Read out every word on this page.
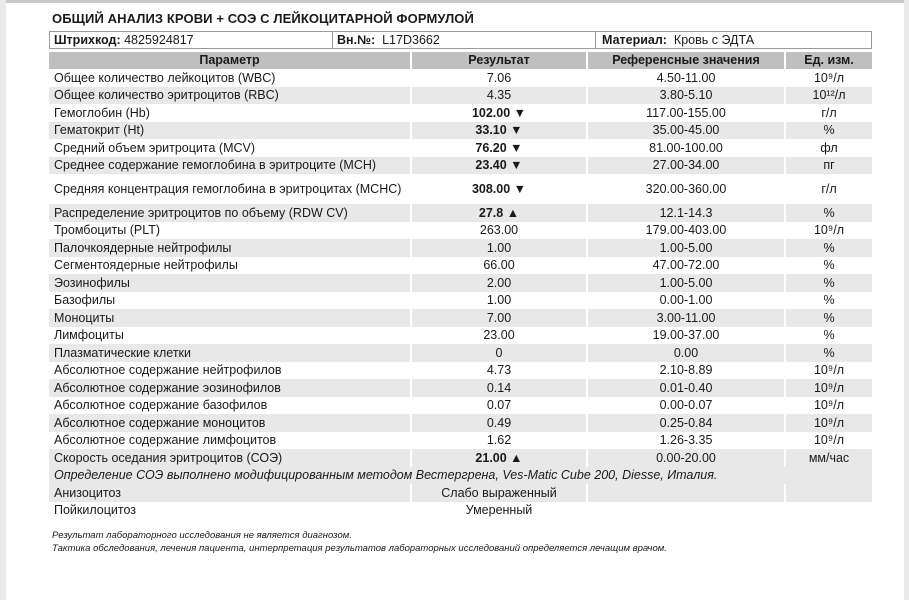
ОБЩИЙ АНАЛИЗ КРОВИ + СОЭ С ЛЕЙКОЦИТАРНОЙ ФОРМУЛОЙ
Штрихкод: 4825924817	Вн.№: L17D3662	Материал: Кровь с ЭДТА
Параметр	Результат	Референсные значения	Ед. изм.
Общее количество лейкоцитов (WBC)	7.06	4.50-11.00	10⁹/л
Общее количество эритроцитов (RBC)	4.35	3.80-5.10	10¹²/л
Гемоглобин (Hb)	102.00 ▼	117.00-155.00	г/л
Гематокрит (Ht)	33.10 ▼	35.00-45.00	%
Средний объем эритроцита (MCV)	76.20 ▼	81.00-100.00	фл
Среднее содержание гемоглобина в эритроците (МСН)	23.40 ▼	27.00-34.00	пг
Средняя концентрация гемоглобина в эритроцитах (MCHC)	308.00 ▼	320.00-360.00	г/л
Распределение эритроцитов по объему (RDW CV)	27.8 ▲	12.1-14.3	%
Тромбоциты (PLT)	263.00	179.00-403.00	10⁹/л
Палочкоядерные нейтрофилы	1.00	1.00-5.00	%
Сегментоядерные нейтрофилы	66.00	47.00-72.00	%
Эозинофилы	2.00	1.00-5.00	%
Базофилы	1.00	0.00-1.00	%
Моноциты	7.00	3.00-11.00	%
Лимфоциты	23.00	19.00-37.00	%
Плазматические клетки	0	0.00	%
Абсолютное содержание нейтрофилов	4.73	2.10-8.89	10⁹/л
Абсолютное содержание эозинофилов	0.14	0.01-0.40	10⁹/л
Абсолютное содержание базофилов	0.07	0.00-0.07	10⁹/л
Абсолютное содержание моноцитов	0.49	0.25-0.84	10⁹/л
Абсолютное содержание лимфоцитов	1.62	1.26-3.35	10⁹/л
Скорость оседания эритроцитов (СОЭ)	21.00 ▲	0.00-20.00	мм/час
Определение СОЭ выполнено модифицированным методом Вестергрена, Ves-Matic Cube 200, Diesse, Италия.			
Анизоцитоз	Слабо выраженный		
Пойкилоцитоз	Умеренный		
Результат лабораторного исследования не является диагнозом.
Тактика обследования, лечения пациента, интерпретация результатов лабораторных исследований определяется лечащим врачом.
